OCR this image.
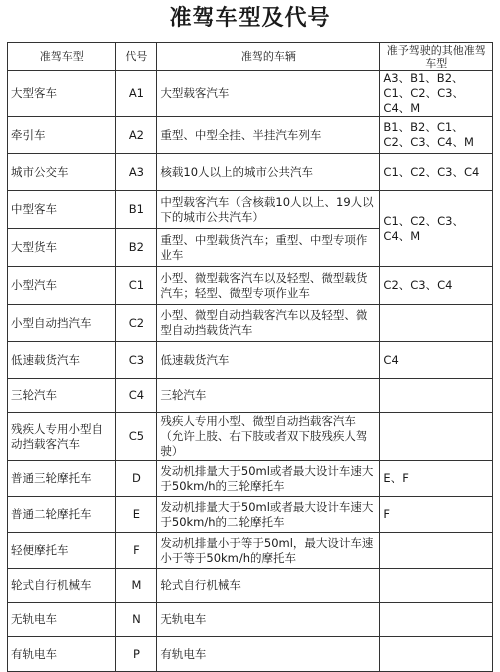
准驾车型及代号
准驾车型	代号	准驾的车辆	准予驾驶的其他准驾车型
大型客车	A1	大型载客汽车	A3、B1、B2、C1、C2、C3、C4、M
牵引车	A2	重型、中型全挂、半挂汽车列车	B1、B2、C1、C2、C3、C4、M
城市公交车	A3	核载10人以上的城市公共汽车	C1、C2、C3、C4
中型客车	B1	中型载客汽车（含核载10人以上、19人以下的城市公共汽车）	C1、C2、C3、C4、M
大型货车	B2	重型、中型载货汽车；重型、中型专项作业车	
小型汽车	C1	小型、微型载客汽车以及轻型、微型载货汽车；轻型、微型专项作业车	C2、C3、C4
小型自动挡汽车	C2	小型、微型自动挡载客汽车以及轻型、微型自动挡载货汽车	
低速载货汽车	C3	低速载货汽车	C4
三轮汽车	C4	三轮汽车	
残疾人专用小型自动挡载客汽车	C5	残疾人专用小型、微型自动挡载客汽车（允许上肢、右下肢或者双下肢残疾人驾驶）	
普通三轮摩托车	D	发动机排量大于50ml或者最大设计车速大于50km/h的三轮摩托车	E、F
普通二轮摩托车	E	发动机排量大于50ml或者最大设计车速大于50km/h的二轮摩托车	F
轻便摩托车	F	发动机排量小于等于50ml，最大设计车速小于等于50km/h的摩托车	
轮式自行机械车	M	轮式自行机械车	
无轨电车	N	无轨电车	
有轨电车	P	有轨电车	
